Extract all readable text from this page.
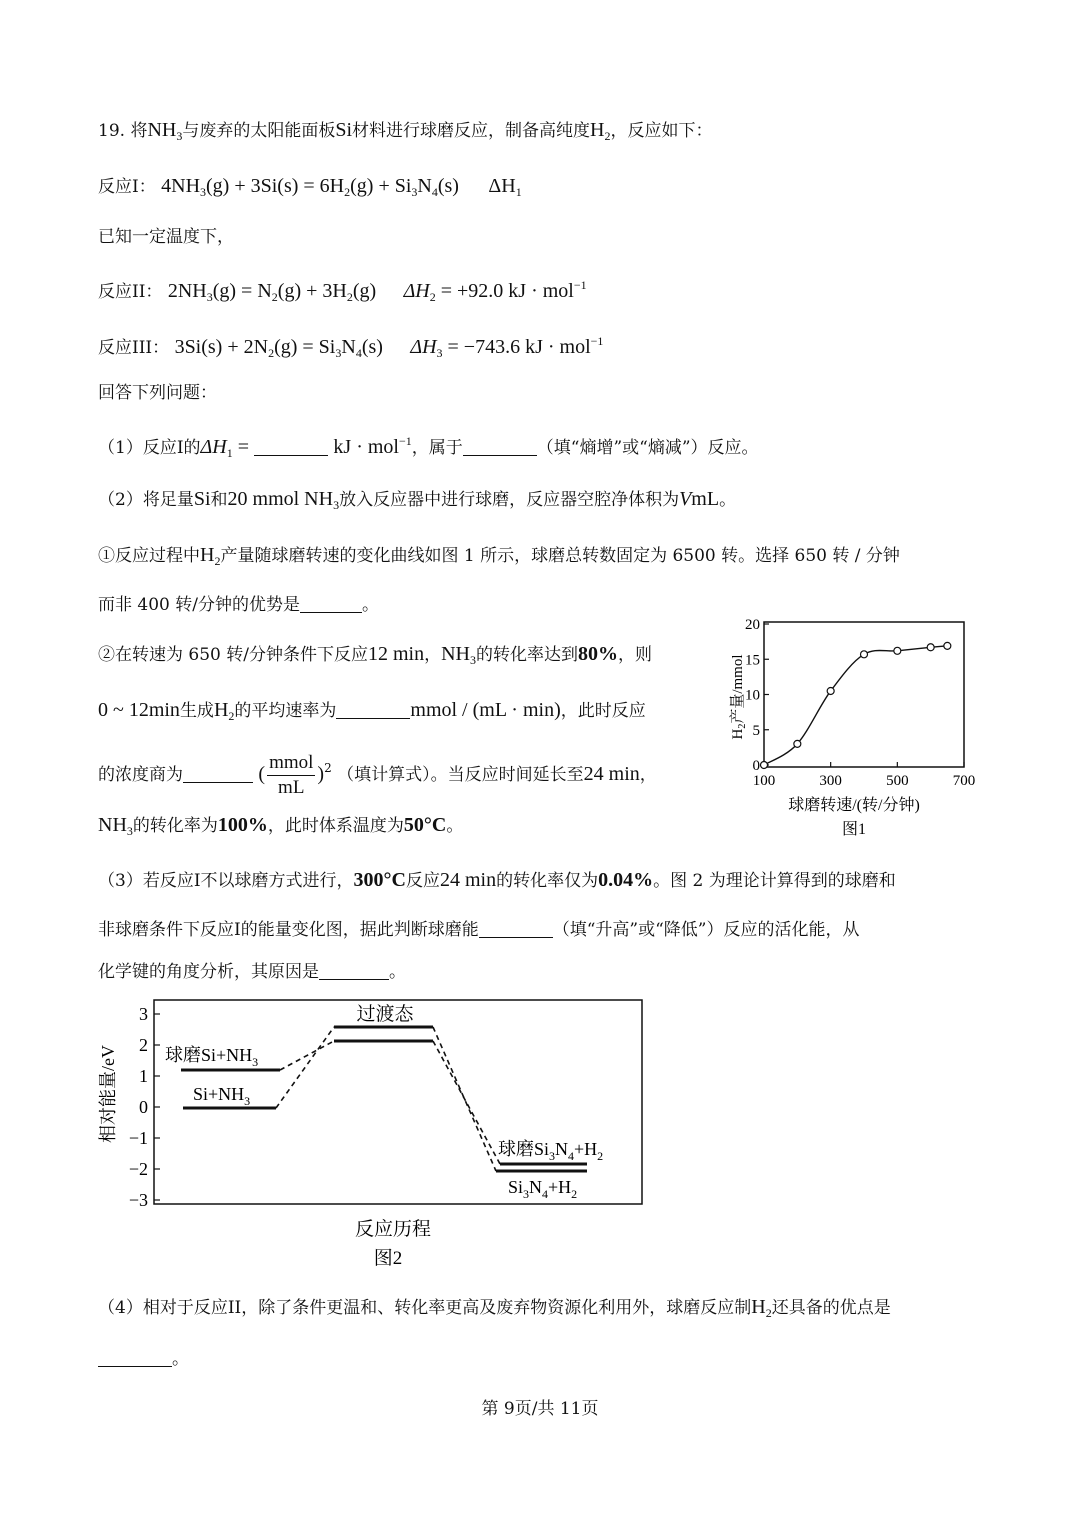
19. 将$NH_3$与废弃的太阳能面板Si材料进行球磨反应，制备高纯度$H_2$，反应如下：
反应I： $4NH_3(g) + 3Si(s) = 6H_2(g) + Si_3N_4(s)$ $\Delta H_1$
已知一定温度下，
反应II： $2NH_3(g) = N_2(g) + 3H_2(g) \Delta H_2 = +92.0$ kJ · mol$^{-1}$
反应III： $3Si(s) + 2N_2(g) = Si_3N_4(s) \Delta H_3 = -743.6$ kJ · mol$^{-1}$
回答下列问题：
（1）反应I的$\Delta H_1$ =	kJ · mol$^{-1}$，属于	（填“熵增”或“熵减”）反应。
（2）将足量Si和20 mmol $NH_3$放入反应器中进行球磨，反应器空腔净体积为VmL。
①反应过程中$H_2$产量随球磨转速的变化曲线如图 1 所示，球磨总转数固定为 6500 转。选择 650 转 / 分钟
而非 400 转/分钟的优势是	。
②在转速为 650 转/分钟条件下反应12 min，$NH_3$的转化率达到80%，则
0 ~ 12min生成$H_2$的平均速率为	mmol / (mL · min)，此时反应
的浓度商为	( $\frac{\text{mmol}}{mL} )^2$ （填计算式）。当反应时间延长至24 min，
$NH_3$的转化率为100%，此时体系温度为50°C。
0
5
10
15
20
100	300	500	700
$H_2$产量/mmol
球磨转速/(转/分钟)
图1
（3）若反应I不以球磨方式进行，300°C反应24 min的转化率仅为0.04%。图 2 为理论计算得到的球磨和
非球磨条件下反应I的能量变化图，据此判断球磨能	（填“升高”或“降低”）反应的活化能，从
化学键的角度分析，其原因是	。
3
2
1
0
−1
−2
−3
相对能量/eV
过渡态
球磨$Si+NH_3$
$Si+NH_3$
球磨$Si_3N_4+H_2$
$Si_3N_4+H_2$
反应历程
图2
（4）相对于反应II，除了条件更温和、转化率更高及废弃物资源化利用外，球磨反应制$H_2$还具备的优点是
。
第 9页/共 11页
